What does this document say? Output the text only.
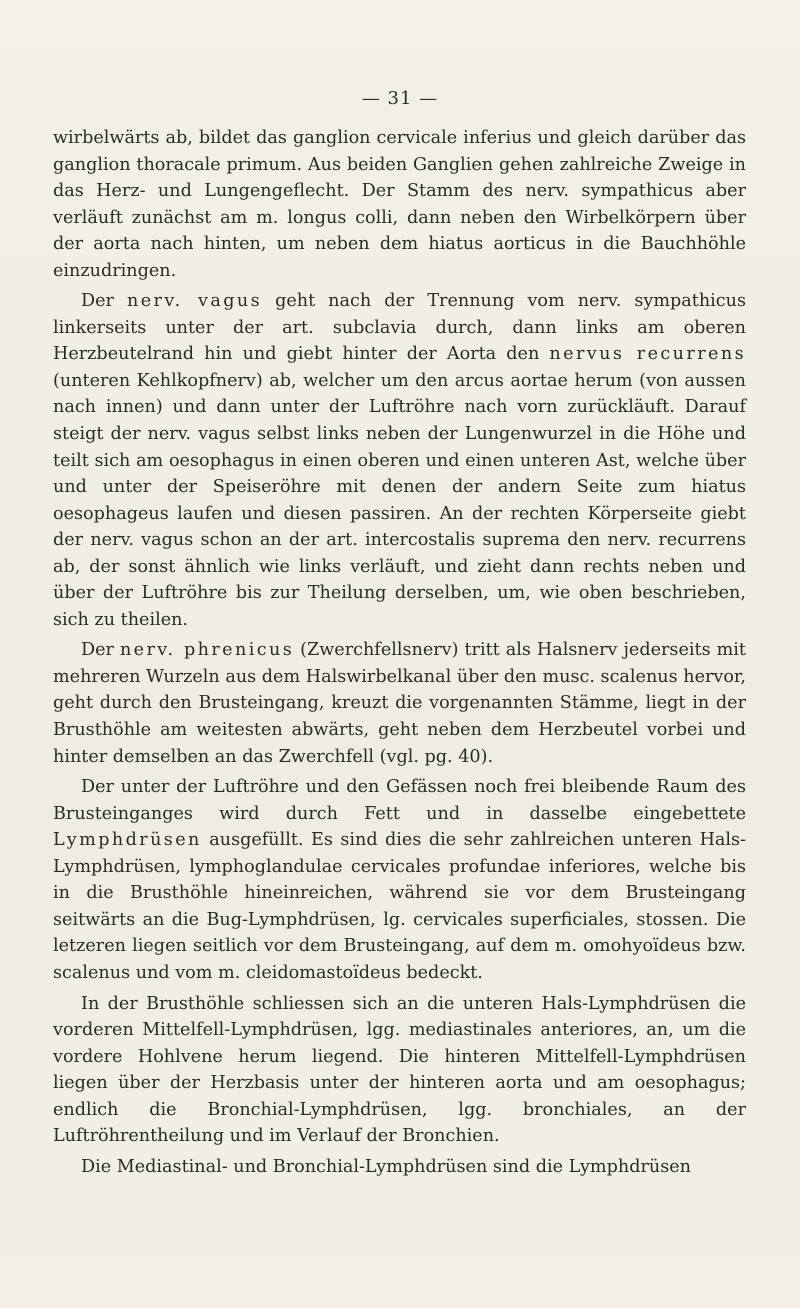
— 31 —

wirbelwärts ab, bildet das ganglion cervicale inferius und gleich darüber das ganglion thoracale primum. Aus beiden Ganglien gehen zahlreiche Zweige in das Herz- und Lungengeflecht. Der Stamm des nerv. sympathicus aber verläuft zunächst am m. longus colli, dann neben den Wirbelkörpern über der aorta nach hinten, um neben dem hiatus aorticus in die Bauchhöhle einzudringen.

Der nerv. vagus geht nach der Trennung vom nerv. sympathicus linkerseits unter der art. subclavia durch, dann links am oberen Herzbeutelrand hin und giebt hinter der Aorta den nervus recurrens (unteren Kehlkopfnerv) ab, welcher um den arcus aortae herum (von aussen nach innen) und dann unter der Luftröhre nach vorn zurückläuft. Darauf steigt der nerv. vagus selbst links neben der Lungenwurzel in die Höhe und teilt sich am oesophagus in einen oberen und einen unteren Ast, welche über und unter der Speiseröhre mit denen der andern Seite zum hiatus oesophageus laufen und diesen passiren. An der rechten Körperseite giebt der nerv. vagus schon an der art. intercostalis suprema den nerv. recurrens ab, der sonst ähnlich wie links verläuft, und zieht dann rechts neben und über der Luftröhre bis zur Theilung derselben, um, wie oben beschrieben, sich zu theilen.

Der nerv. phrenicus (Zwerchfellsnerv) tritt als Halsnerv jederseits mit mehreren Wurzeln aus dem Halswirbelkanal über den musc. scalenus hervor, geht durch den Brusteingang, kreuzt die vorgenannten Stämme, liegt in der Brusthöhle am weitesten abwärts, geht neben dem Herzbeutel vorbei und hinter demselben an das Zwerchfell (vgl. pg. 40).

Der unter der Luftröhre und den Gefässen noch frei bleibende Raum des Brusteinganges wird durch Fett und in dasselbe eingebettete Lymphdrüsen ausgefüllt. Es sind dies die sehr zahlreichen unteren Hals-Lymphdrüsen, lymphoglandulae cervicales profundae inferiores, welche bis in die Brusthöhle hineinreichen, während sie vor dem Brusteingang seitwärts an die Bug-Lymphdrüsen, lg. cervicales superficiales, stossen. Die letzeren liegen seitlich vor dem Brusteingang, auf dem m. omohyoïdeus bzw. scalenus und vom m. cleidomastoïdeus bedeckt.

In der Brusthöhle schliessen sich an die unteren Hals-Lymphdrüsen die vorderen Mittelfell-Lymphdrüsen, lgg. mediastinales anteriores, an, um die vordere Hohlvene herum liegend. Die hinteren Mittelfell-Lymphdrüsen liegen über der Herzbasis unter der hinteren aorta und am oesophagus; endlich die Bronchial-Lymphdrüsen, lgg. bronchiales, an der Luftröhrentheilung und im Verlauf der Bronchien.

Die Mediastinal- und Bronchial-Lymphdrüsen sind die Lymphdrüsen
